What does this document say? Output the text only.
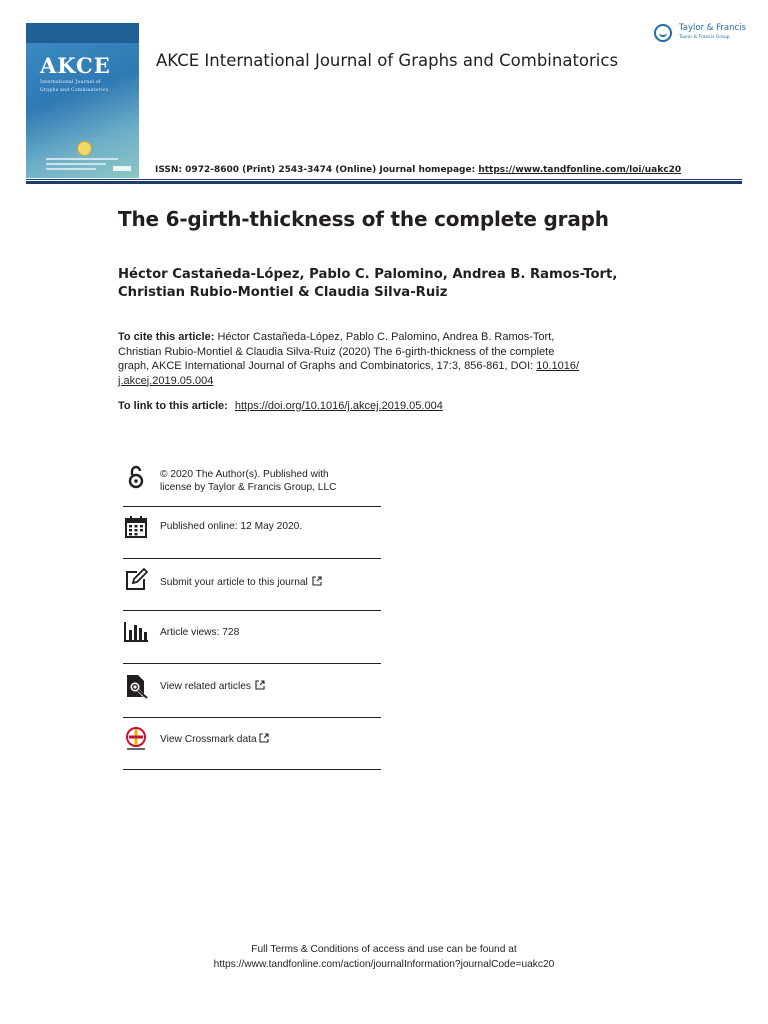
AKCE
International Journal of
Graphs and Combinatorics
AKCE International Journal of Graphs and Combinatorics
Taylor & Francis
Taylor & Francis Group
ISSN: 0972-8600 (Print) 2543-3474 (Online) Journal homepage: https://www.tandfonline.com/loi/uakc20
The 6-girth-thickness of the complete graph
Héctor Castañeda-López, Pablo C. Palomino, Andrea B. Ramos-Tort,
Christian Rubio-Montiel & Claudia Silva-Ruiz
To cite this article: Héctor Castañeda-López, Pablo C. Palomino, Andrea B. Ramos-Tort,
Christian Rubio-Montiel & Claudia Silva-Ruiz (2020) The 6-girth-thickness of the complete
graph, AKCE International Journal of Graphs and Combinatorics, 17:3, 856-861, DOI: 10.1016/
j.akcej.2019.05.004
To link to this article: https://doi.org/10.1016/j.akcej.2019.05.004
© 2020 The Author(s). Published with
license by Taylor & Francis Group, LLC
Published online: 12 May 2020.
Submit your article to this journal
Article views: 728
View related articles
View Crossmark data
Full Terms & Conditions of access and use can be found at
https://www.tandfonline.com/action/journalInformation?journalCode=uakc20
